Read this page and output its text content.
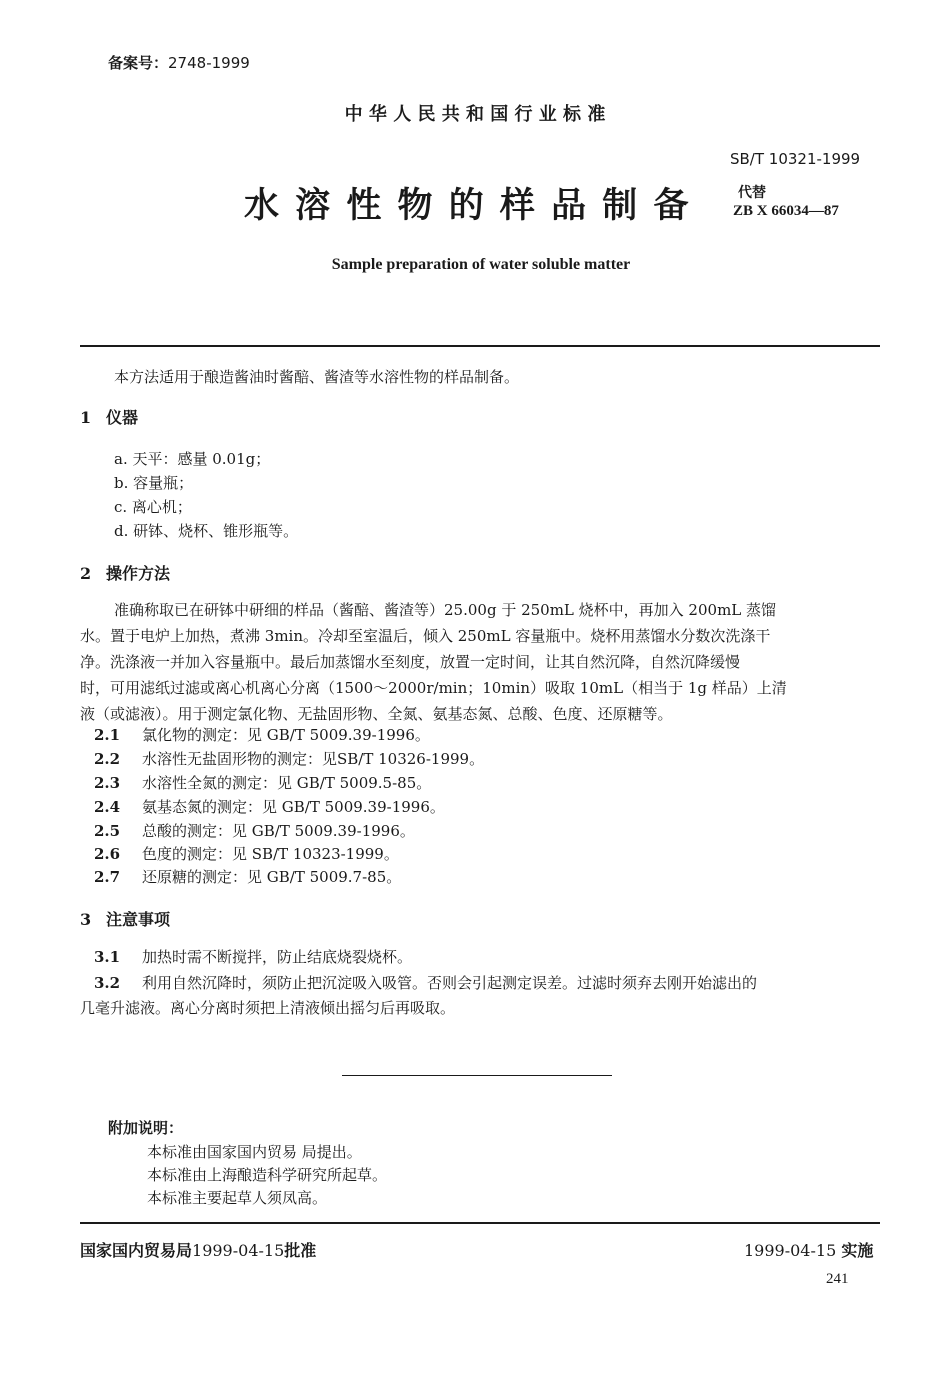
备案号：2748-1999
中 华 人 民 共 和 国 行 业 标 准
SB/T 10321-1999
水 溶 性 物 的 样 品 制 备	代替
ZB X 66034—87
Sample preparation of water soluble matter
本方法适用于酿造酱油时酱醅、酱渣等水溶性物的样品制备。
1 仪器
a. 天平：感量 0.01g；
b. 容量瓶；
c. 离心机；
d. 研钵、烧杯、锥形瓶等。
2 操作方法
准确称取已在研钵中研细的样品（酱醅、酱渣等）25.00g 于 250mL 烧杯中，再加入 200mL 蒸馏
水。置于电炉上加热，煮沸 3min。冷却至室温后，倾入 250mL 容量瓶中。烧杯用蒸馏水分数次洗涤干
净。洗涤液一并加入容量瓶中。最后加蒸馏水至刻度，放置一定时间，让其自然沉降，自然沉降缓慢
时，可用滤纸过滤或离心机离心分离（1500～2000r/min；10min）吸取 10mL（相当于 1g 样品）上清
液（或滤液）。用于测定氯化物、无盐固形物、全氮、氨基态氮、总酸、色度、还原糖等。
2.1 氯化物的测定：见 GB/T 5009.39-1996。
2.2 水溶性无盐固形物的测定：见SB/T 10326-1999。
2.3 水溶性全氮的测定：见 GB/T 5009.5-85。
2.4 氨基态氮的测定：见 GB/T 5009.39-1996。
2.5 总酸的测定：见 GB/T 5009.39-1996。
2.6 色度的测定：见 SB/T 10323-1999。
2.7 还原糖的测定：见 GB/T 5009.7-85。
3 注意事项
3.1 加热时需不断搅拌，防止结底烧裂烧杯。
3.2 利用自然沉降时，须防止把沉淀吸入吸管。否则会引起测定误差。过滤时须弃去刚开始滤出的
几毫升滤液。离心分离时须把上清液倾出摇匀后再吸取。
附加说明：
本标准由国家国内贸易 局提出。
本标准由上海酿造科学研究所起草。
本标准主要起草人须凤高。
国家国内贸易局1999-04-15批准	1999-04-15 实施
241
